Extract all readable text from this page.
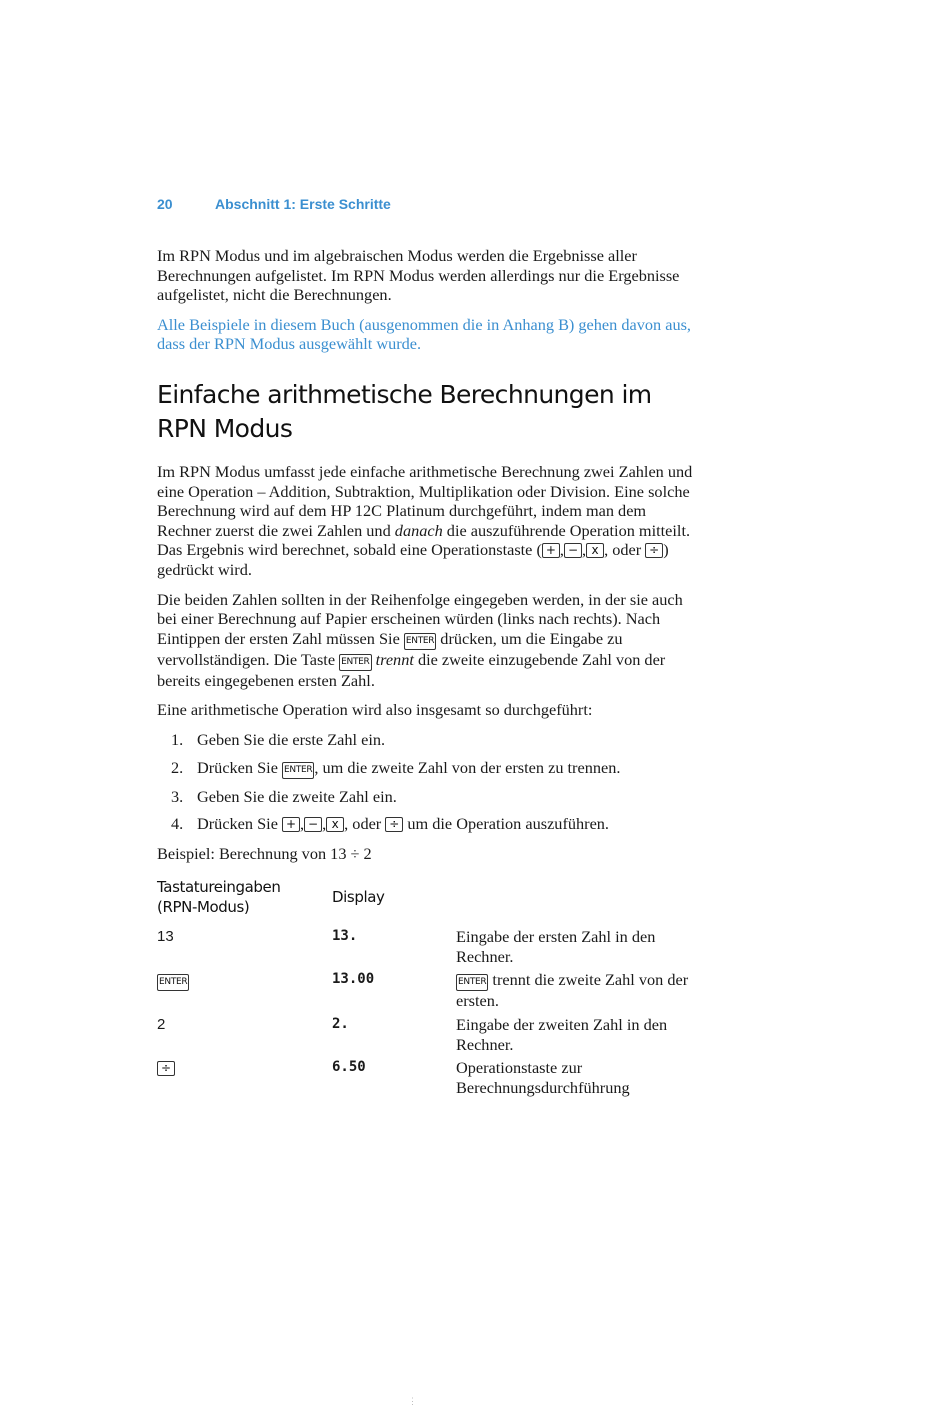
20	Abschnitt 1: Erste Schritte

Im RPN Modus und im algebraischen Modus werden die Ergebnisse aller Berechnungen aufgelistet. Im RPN Modus werden allerdings nur die Ergebnisse aufgelistet, nicht die Berechnungen.

Alle Beispiele in diesem Buch (ausgenommen die in Anhang B) gehen davon aus, dass der RPN Modus ausgewählt wurde.

Einfache arithmetische Berechnungen im RPN Modus

Im RPN Modus umfasst jede einfache arithmetische Berechnung zwei Zahlen und eine Operation – Addition, Subtraktion, Multiplikation oder Division. Eine solche Berechnung wird auf dem HP 12C Platinum durchgeführt, indem man dem Rechner zuerst die zwei Zahlen und danach die auszuführende Operation mitteilt. Das Ergebnis wird berechnet, sobald eine Operationstaste ( + , − , x , oder ÷ ) gedrückt wird.

Die beiden Zahlen sollten in der Reihenfolge eingegeben werden, in der sie auch bei einer Berechnung auf Papier erscheinen würden (links nach rechts). Nach Eintippen der ersten Zahl müssen Sie ENTER drücken, um die Eingabe zu vervollständigen. Die Taste ENTER trennt die zweite einzugebende Zahl von der bereits eingegebenen ersten Zahl.

Eine arithmetische Operation wird also insgesamt so durchgeführt:

1. Geben Sie die erste Zahl ein.
2. Drücken Sie ENTER , um die zweite Zahl von der ersten zu trennen.
3. Geben Sie die zweite Zahl ein.
4. Drücken Sie + , − , x , oder ÷ um die Operation auszuführen.

Beispiel: Berechnung von 13 ÷ 2

Tastatureingaben
(RPN-Modus)	Display	
13	13.	Eingabe der ersten Zahl in den Rechner.
ENTER	13.00	ENTER trennt die zweite Zahl von der ersten.
2	2.	Eingabe der zweiten Zahl in den Rechner.
÷	6.50	Operationstaste zur Berechnungsdurchführung
⋮
